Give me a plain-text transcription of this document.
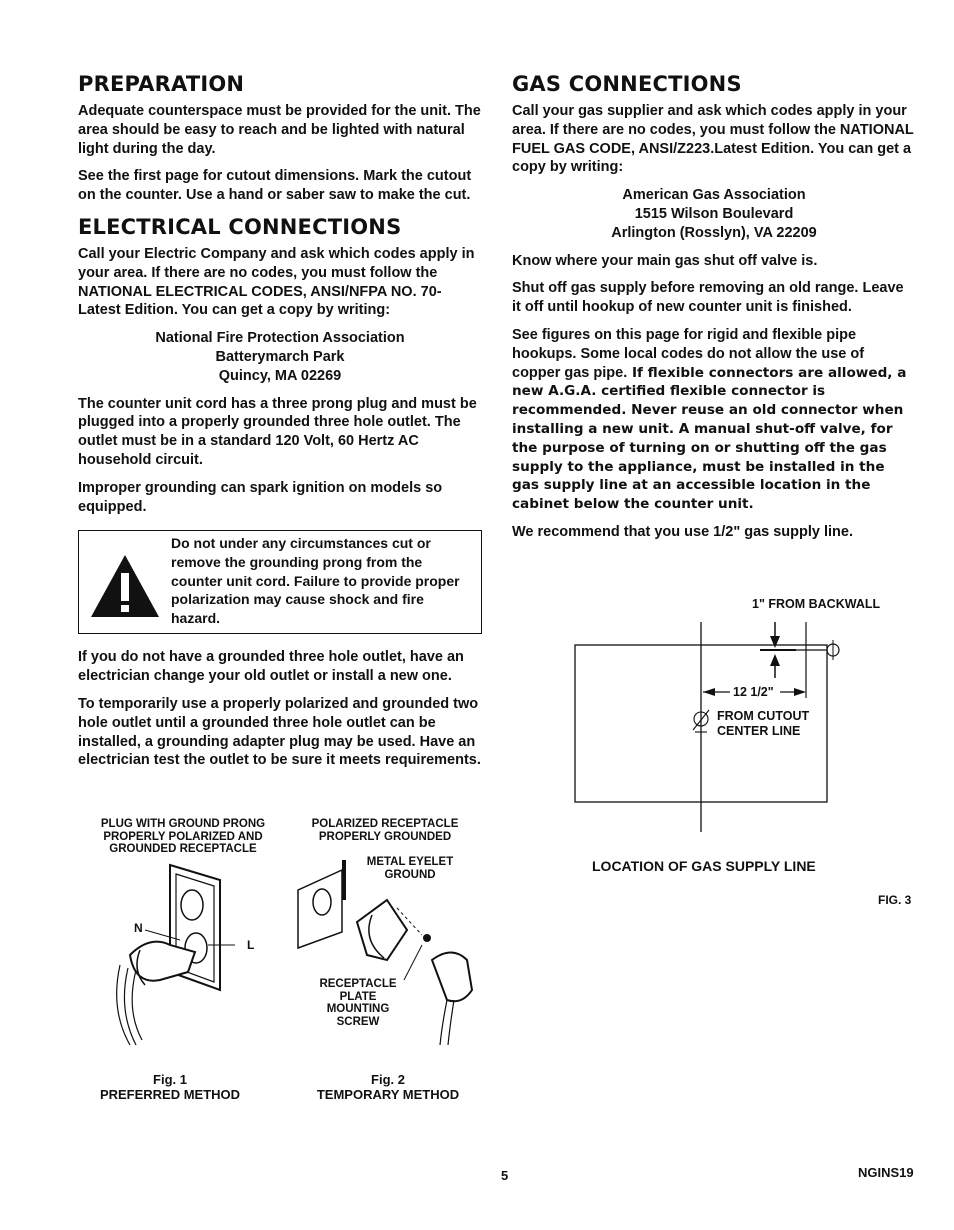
PREPARATION

Adequate counterspace must be provided for the unit. The area should be easy to reach and be lighted with natural light during the day.

See the first page for cutout dimensions. Mark the cutout on the counter. Use a hand or saber saw to make the cut.

ELECTRICAL CONNECTIONS

Call your Electric Company and ask which codes apply in your area. If there are no codes, you must follow the NATIONAL ELECTRICAL CODES, ANSI/NFPA NO. 70-Latest Edition. You can get a copy by writing:

National Fire Protection Association
Batterymarch Park
Quincy, MA 02269

The counter unit cord has a three prong plug and must be plugged into a properly grounded three hole outlet. The outlet must be in a standard 120 Volt, 60 Hertz AC household circuit.

Improper grounding can spark ignition on models so equipped.

Do not under any circumstances cut or remove the grounding prong from the counter unit cord. Failure to provide proper polarization may cause shock and fire hazard.

If you do not have a grounded three hole outlet, have an electrician change your old outlet or install a new one.

To temporarily use a properly polarized and grounded two hole outlet until a grounded three hole outlet can be installed, a grounding adapter plug may be used. Have an electrician test the outlet to be sure it meets requirements.

GAS CONNECTIONS

Call your gas supplier and ask which codes apply in your area. If there are no codes, you must follow the NATIONAL FUEL GAS CODE, ANSI/Z223.Latest Edition. You can get a copy by writing:

American Gas Association
1515 Wilson Boulevard
Arlington (Rosslyn), VA 22209

Know where your main gas shut off valve is.

Shut off gas supply before removing an old range. Leave it off until hookup of new counter unit is finished.

See figures on this page for rigid and flexible pipe hookups. Some local codes do not allow the use of copper gas pipe. If flexible connectors are allowed, a new A.G.A. certified flexible connector is recommended. Never reuse an old connector when installing a new unit. A manual shut-off valve, for the purpose of turning on or shutting off the gas supply to the appliance, must be installed in the gas supply line at an accessible location in the cabinet below the counter unit.

We recommend that you use 1/2" gas supply line.

1" FROM BACKWALL
12 1/2"
FROM CUTOUT
CENTER LINE
LOCATION OF GAS SUPPLY LINE
FIG. 3
PLUG WITH GROUND PRONG
PROPERLY POLARIZED AND
GROUNDED RECEPTACLE
N
L
Fig. 1
PREFERRED METHOD
POLARIZED RECEPTACLE
PROPERLY GROUNDED
METAL EYELET
GROUND
RECEPTACLE
PLATE
MOUNTING
SCREW
Fig. 2
TEMPORARY METHOD
5	NGINS19
